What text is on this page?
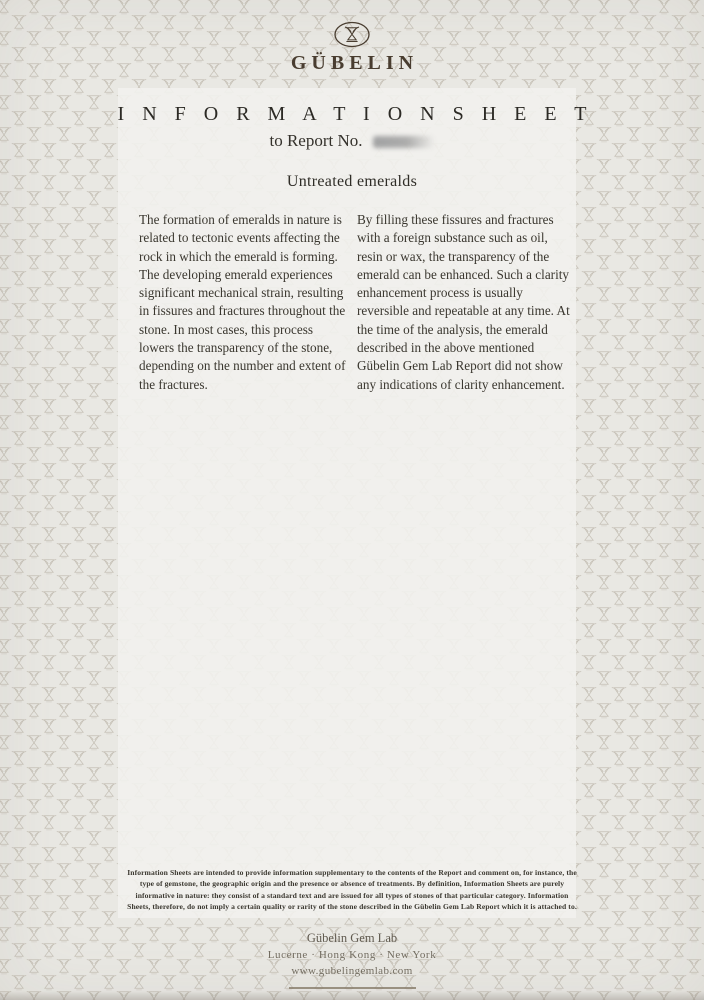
GÜBELIN
I N F O R M A T I O N S H E E T
to Report No.
Untreated emeralds
The formation of emeralds in nature is related to tectonic events affecting the rock in which the emerald is forming. The developing emerald experiences significant mechanical strain, resulting in fissures and fractures throughout the stone. In most cases, this process lowers the transparency of the stone, depending on the number and extent of the fractures.
By filling these fissures and fractures with a foreign substance such as oil, resin or wax, the transparency of the emerald can be enhanced. Such a clarity enhancement process is usually reversible and repeatable at any time. At the time of the analysis, the emerald described in the above mentioned Gübelin Gem Lab Report did not show any indications of clarity enhancement.

Information Sheets are intended to provide information supplementary to the contents of the Report and comment on, for instance, the type of gemstone, the geographic origin and the presence or absence of treatments. By definition, Information Sheets are purely informative in nature: they consist of a standard text and are issued for all types of stones of that particular category. Information Sheets, therefore, do not imply a certain quality or rarity of the stone described in the Gübelin Gem Lab Report which it is attached to.

Gübelin Gem Lab
Lucerne · Hong Kong · New York
www.gubelingemlab.com
